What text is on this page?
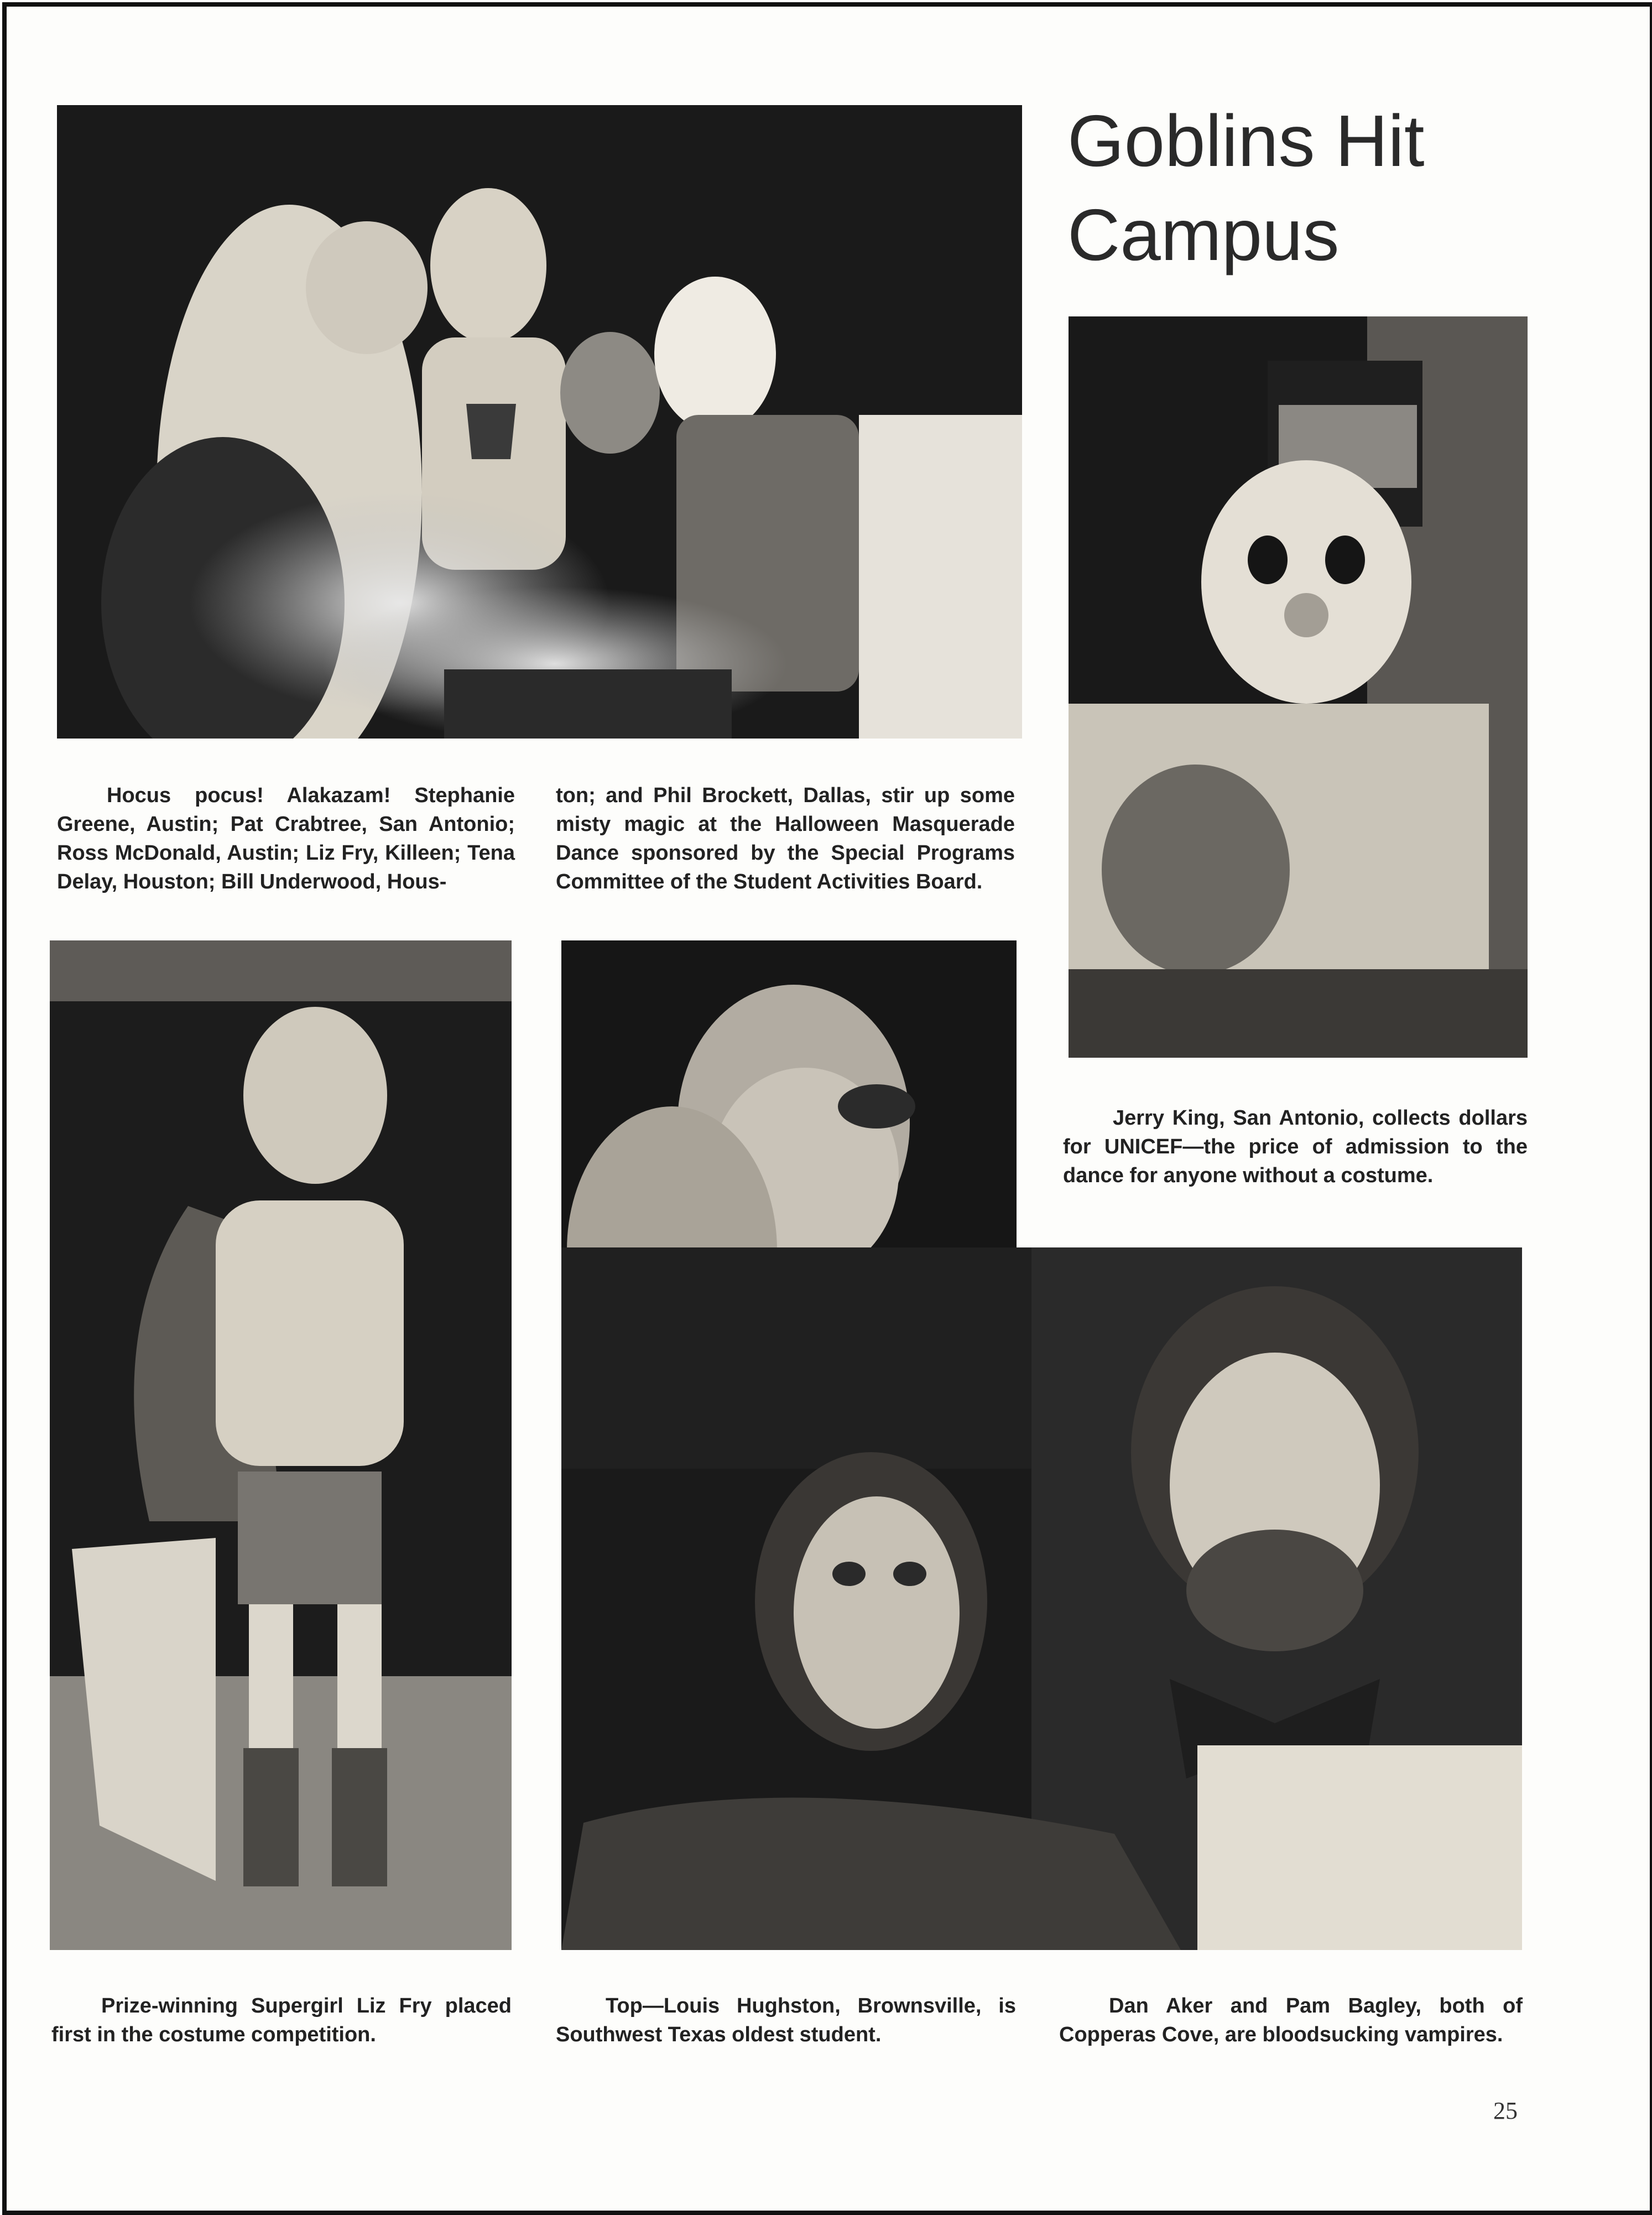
Goblins Hit
Campus
Hocus pocus! Alakazam! Stephanie Greene, Austin; Pat Crabtree, San Antonio; Ross McDonald, Austin; Liz Fry, Killeen; Tena Delay, Houston; Bill Underwood, Hous-
ton; and Phil Brockett, Dallas, stir up some misty magic at the Halloween Masquerade Dance sponsored by the Special Programs Committee of the Student Activities Board.
Jerry King, San Antonio, collects dollars for UNICEF—the price of admission to the dance for anyone without a costume.
Prize-winning Supergirl Liz Fry placed first in the costume competition.
Top—Louis Hughston, Brownsville, is Southwest Texas oldest student.
Dan Aker and Pam Bagley, both of Copperas Cove, are bloodsucking vampires.
25
